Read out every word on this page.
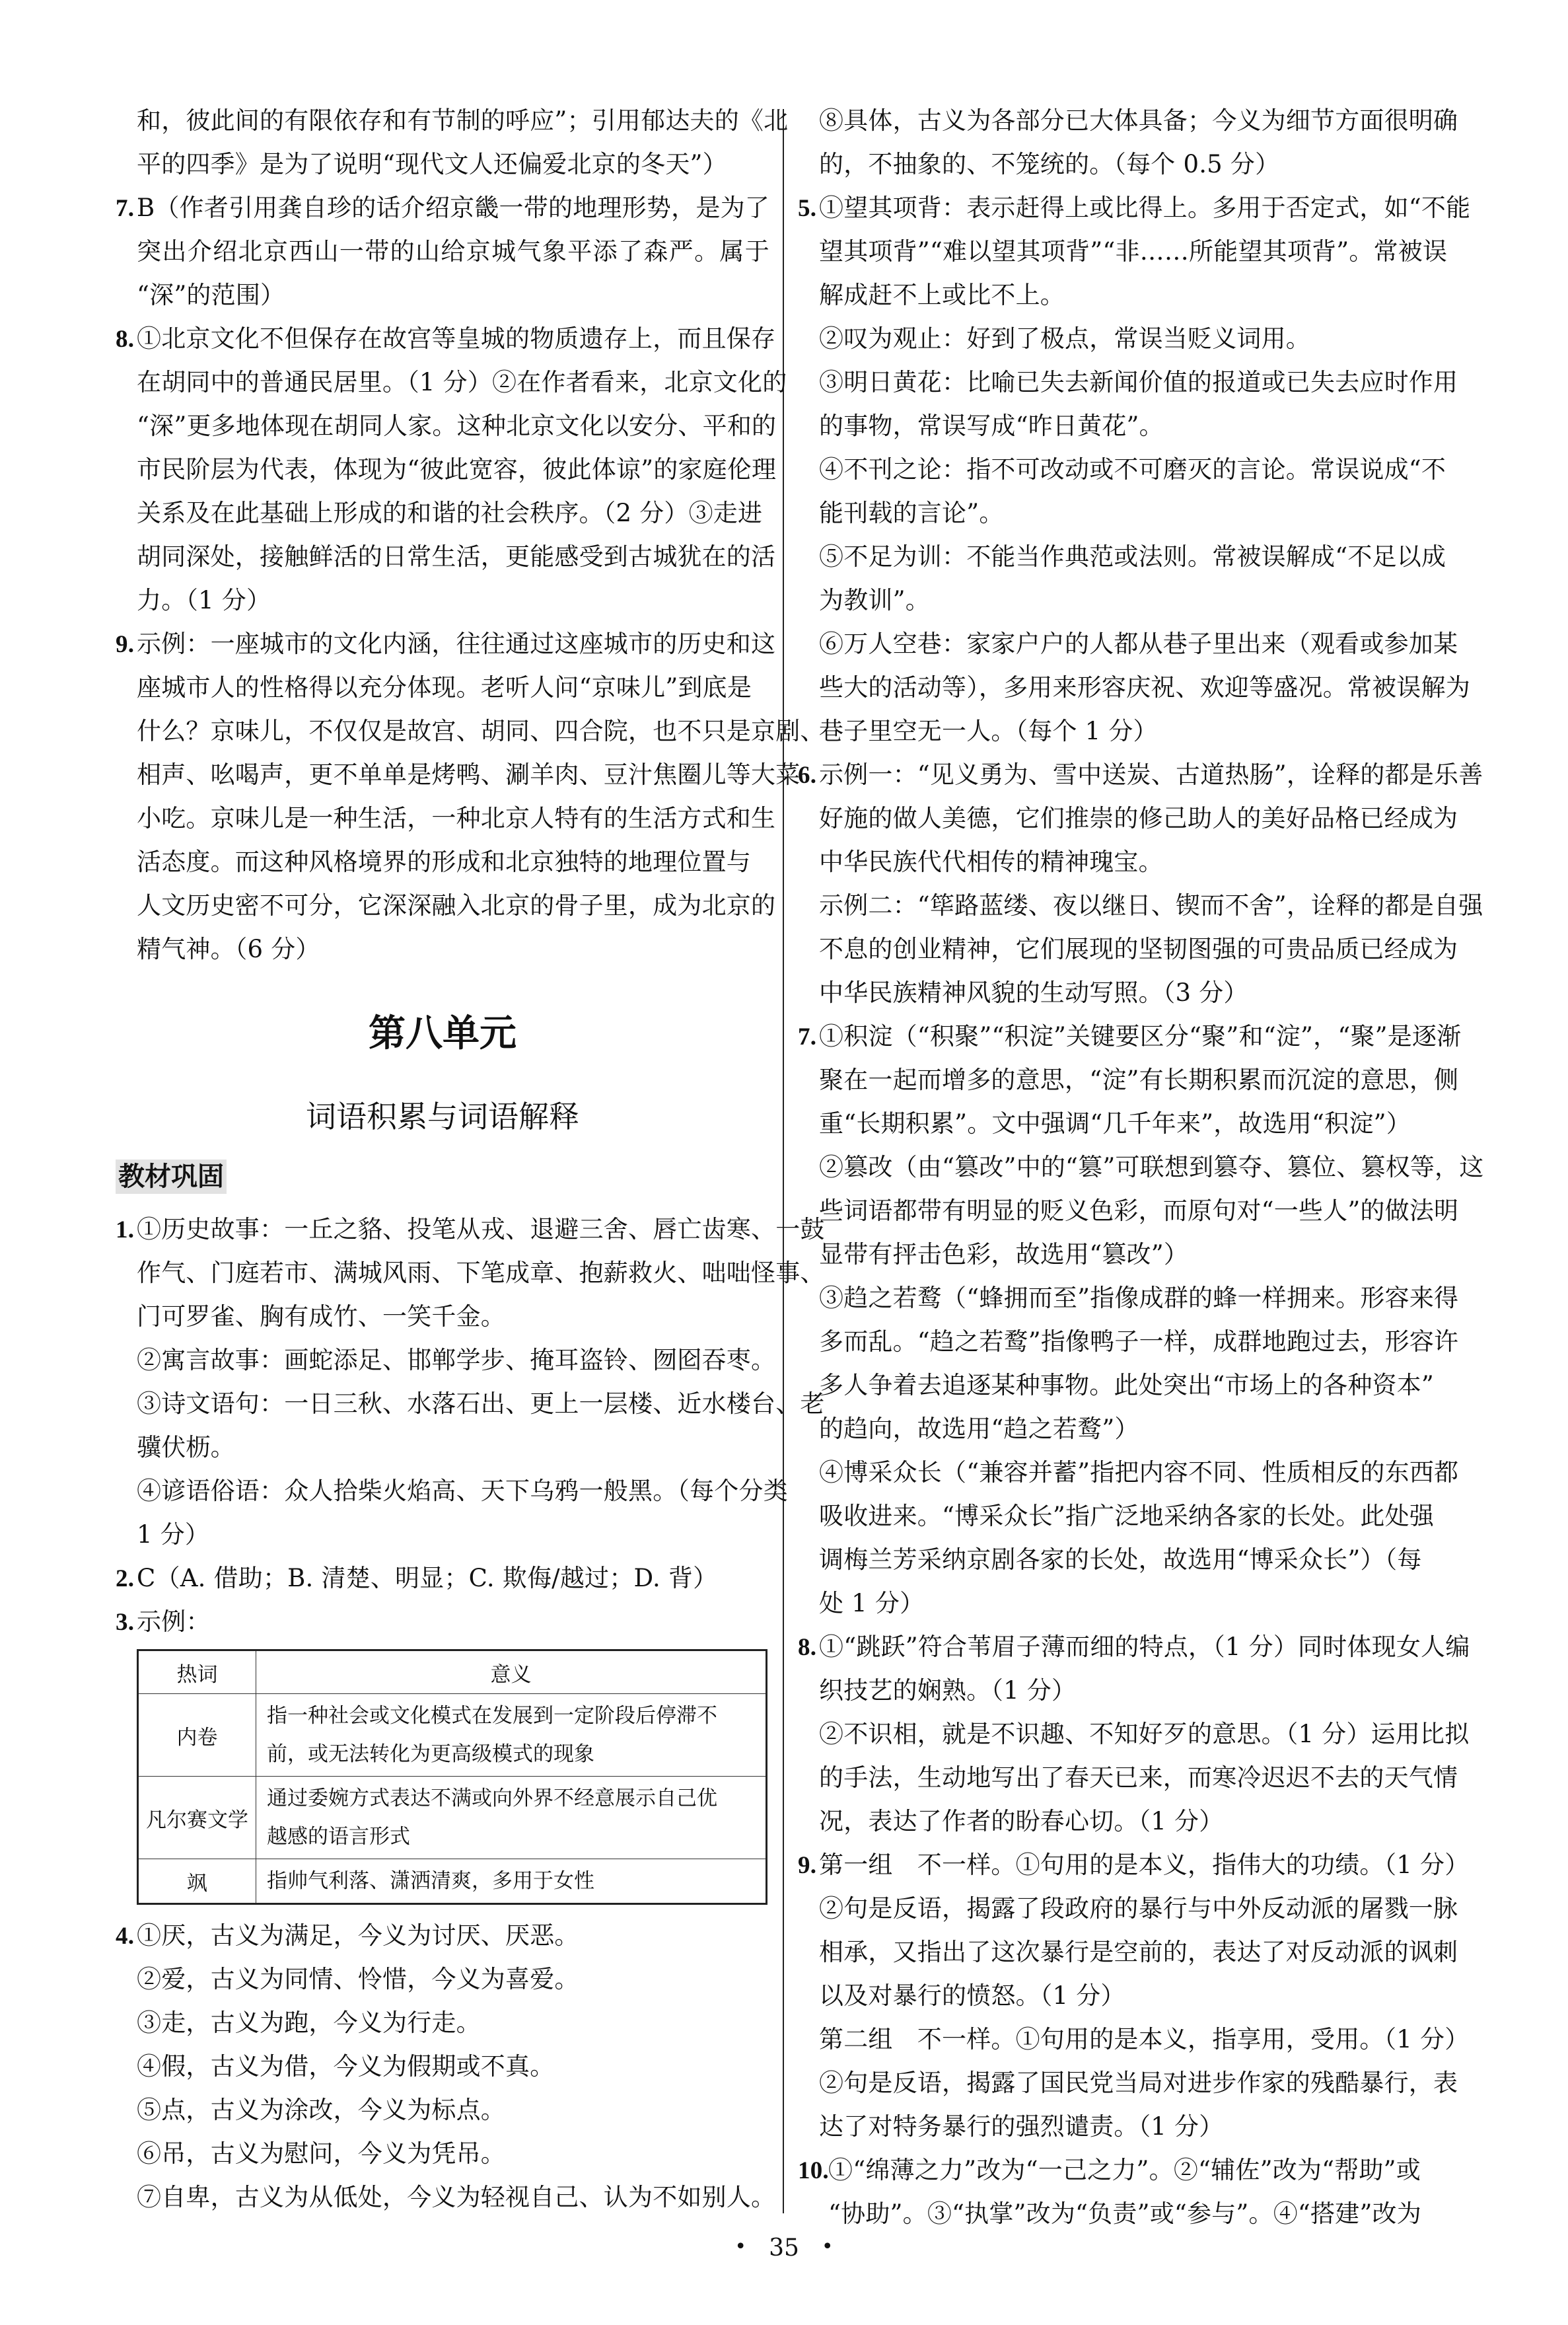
和，彼此间的有限依存和有节制的呼应”；引用郁达夫的《北
平的四季》是为了说明“现代文人还偏爱北京的冬天”）
7. B（作者引用龚自珍的话介绍京畿一带的地理形势，是为了
突出介绍北京西山一带的山给京城气象平添了森严。属于
“深”的范围）
8. ①北京文化不但保存在故宫等皇城的物质遗存上，而且保存
在胡同中的普通民居里。（1 分）②在作者看来，北京文化的
“深”更多地体现在胡同人家。这种北京文化以安分、平和的
市民阶层为代表，体现为“彼此宽容，彼此体谅”的家庭伦理
关系及在此基础上形成的和谐的社会秩序。（2 分）③走进
胡同深处，接触鲜活的日常生活，更能感受到古城犹在的活
力。（1 分）
9. 示例：一座城市的文化内涵，往往通过这座城市的历史和这
座城市人的性格得以充分体现。老听人问“京味儿”到底是
什么？京味儿，不仅仅是故宫、胡同、四合院，也不只是京剧、
相声、吆喝声，更不单单是烤鸭、涮羊肉、豆汁焦圈儿等大菜
小吃。京味儿是一种生活，一种北京人特有的生活方式和生
活态度。而这种风格境界的形成和北京独特的地理位置与
人文历史密不可分，它深深融入北京的骨子里，成为北京的
精气神。（6 分）
第八单元
词语积累与词语解释
教材巩固
1. ①历史故事：一丘之貉、投笔从戎、退避三舍、唇亡齿寒、一鼓
作气、门庭若市、满城风雨、下笔成章、抱薪救火、咄咄怪事、
门可罗雀、胸有成竹、一笑千金。
②寓言故事：画蛇添足、邯郸学步、掩耳盗铃、囫囵吞枣。
③诗文语句：一日三秋、水落石出、更上一层楼、近水楼台、老
骥伏枥。
④谚语俗语：众人拾柴火焰高、天下乌鸦一般黑。（每个分类
1 分）
2. C（A. 借助；B. 清楚、明显；C. 欺侮/越过；D. 背）
3. 示例：
热词	意义
内卷	指一种社会或文化模式在发展到一定阶段后停滞不
前，或无法转化为更高级模式的现象

凡尔赛文学	通过委婉方式表达不满或向外界不经意展示自己优
越感的语言形式

飒	指帅气利落、潇洒清爽，多用于女性
4. ①厌，古义为满足，今义为讨厌、厌恶。
②爱，古义为同情、怜惜，今义为喜爱。
③走，古义为跑，今义为行走。
④假，古义为借，今义为假期或不真。
⑤点，古义为涂改，今义为标点。
⑥吊，古义为慰问，今义为凭吊。
⑦自卑，古义为从低处，今义为轻视自己、认为不如别人。
⑧具体，古义为各部分已大体具备；今义为细节方面很明确
的，不抽象的、不笼统的。（每个 0.5 分）
5. ①望其项背：表示赶得上或比得上。多用于否定式，如“不能
望其项背”“难以望其项背”“非……所能望其项背”。常被误
解成赶不上或比不上。
②叹为观止：好到了极点，常误当贬义词用。
③明日黄花：比喻已失去新闻价值的报道或已失去应时作用
的事物，常误写成“昨日黄花”。
④不刊之论：指不可改动或不可磨灭的言论。常误说成“不
能刊载的言论”。
⑤不足为训：不能当作典范或法则。常被误解成“不足以成
为教训”。
⑥万人空巷：家家户户的人都从巷子里出来（观看或参加某
些大的活动等），多用来形容庆祝、欢迎等盛况。常被误解为
巷子里空无一人。（每个 1 分）
6. 示例一：“见义勇为、雪中送炭、古道热肠”，诠释的都是乐善
好施的做人美德，它们推崇的修己助人的美好品格已经成为
中华民族代代相传的精神瑰宝。
示例二：“筚路蓝缕、夜以继日、锲而不舍”，诠释的都是自强
不息的创业精神，它们展现的坚韧图强的可贵品质已经成为
中华民族精神风貌的生动写照。（3 分）
7. ①积淀（“积聚”“积淀”关键要区分“聚”和“淀”，“聚”是逐渐
聚在一起而增多的意思，“淀”有长期积累而沉淀的意思，侧
重“长期积累”。文中强调“几千年来”，故选用“积淀”）
②篡改（由“篡改”中的“篡”可联想到篡夺、篡位、篡权等，这
些词语都带有明显的贬义色彩，而原句对“一些人”的做法明
显带有抨击色彩，故选用“篡改”）
③趋之若鹜（“蜂拥而至”指像成群的蜂一样拥来。形容来得
多而乱。“趋之若鹜”指像鸭子一样，成群地跑过去，形容许
多人争着去追逐某种事物。此处突出“市场上的各种资本”
的趋向，故选用“趋之若鹜”）
④博采众长（“兼容并蓄”指把内容不同、性质相反的东西都
吸收进来。“博采众长”指广泛地采纳各家的长处。此处强
调梅兰芳采纳京剧各家的长处，故选用“博采众长”）（每
处 1 分）
8. ①“跳跃”符合苇眉子薄而细的特点，（1 分）同时体现女人编
织技艺的娴熟。（1 分）
②不识相，就是不识趣、不知好歹的意思。（1 分）运用比拟
的手法，生动地写出了春天已来，而寒冷迟迟不去的天气情
况，表达了作者的盼春心切。（1 分）
9. 第一组　不一样。①句用的是本义，指伟大的功绩。（1 分）
②句是反语，揭露了段政府的暴行与中外反动派的屠戮一脉
相承，又指出了这次暴行是空前的，表达了对反动派的讽刺
以及对暴行的愤怒。（1 分）
第二组　不一样。①句用的是本义，指享用，受用。（1 分）
②句是反语，揭露了国民党当局对进步作家的残酷暴行，表
达了对特务暴行的强烈谴责。（1 分）
10.①“绵薄之力”改为“一己之力”。②“辅佐”改为“帮助”或
“协助”。③“执掌”改为“负责”或“参与”。④“搭建”改为
• 35 •
